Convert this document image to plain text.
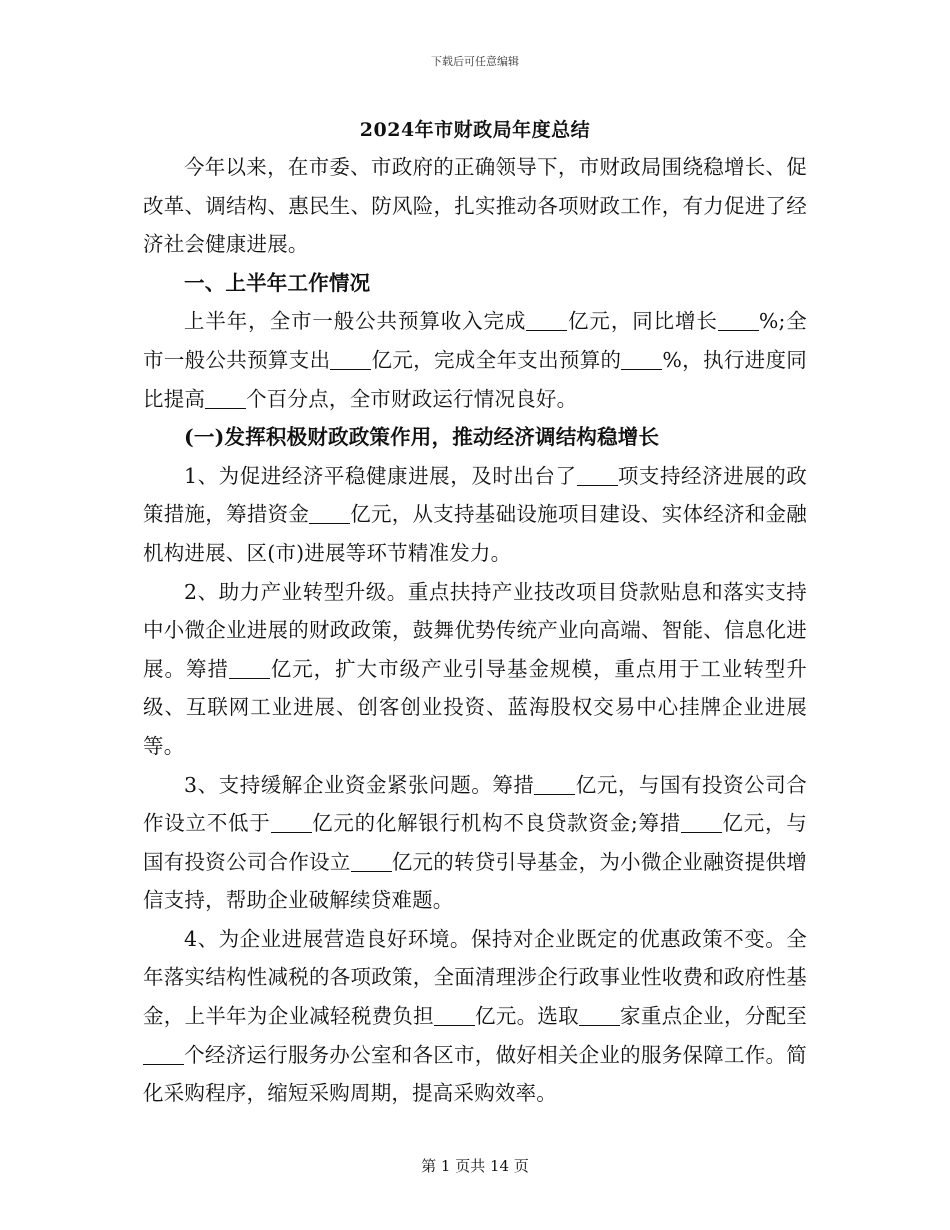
下载后可任意编辑
2024年市财政局年度总结

今年以来，在市委、市政府的正确领导下，市财政局围绕稳增长、促改革、调结构、惠民生、防风险，扎实推动各项财政工作，有力促进了经济社会健康进展。

一、上半年工作情况

上半年，全市一般公共预算收入完成 亿元，同比增长 %;全市一般公共预算支出 亿元，完成全年支出预算的 %，执行进度同比提高 个百分点，全市财政运行情况良好。

(一)发挥积极财政政策作用，推动经济调结构稳增长

1、为促进经济平稳健康进展，及时出台了 项支持经济进展的政策措施，筹措资金 亿元，从支持基础设施项目建设、实体经济和金融机构进展、区(市)进展等环节精准发力。

2、助力产业转型升级。重点扶持产业技改项目贷款贴息和落实支持中小微企业进展的财政政策，鼓舞优势传统产业向高端、智能、信息化进展。筹措 亿元，扩大市级产业引导基金规模，重点用于工业转型升级、互联网工业进展、创客创业投资、蓝海股权交易中心挂牌企业进展等。

3、支持缓解企业资金紧张问题。筹措 亿元，与国有投资公司合作设立不低于 亿元的化解银行机构不良贷款资金;筹措 亿元，与国有投资公司合作设立 亿元的转贷引导基金，为小微企业融资提供增信支持，帮助企业破解续贷难题。

4、为企业进展营造良好环境。保持对企业既定的优惠政策不变。全年落实结构性减税的各项政策，全面清理涉企行政事业性收费和政府性基金，上半年为企业减轻税费负担 亿元。选取 家重点企业，分配至个经济运行服务办公室和各区市，做好相关企业的服务保障工作。简化采购程序，缩短采购周期，提高采购效率。

第 1 页共 14 页
